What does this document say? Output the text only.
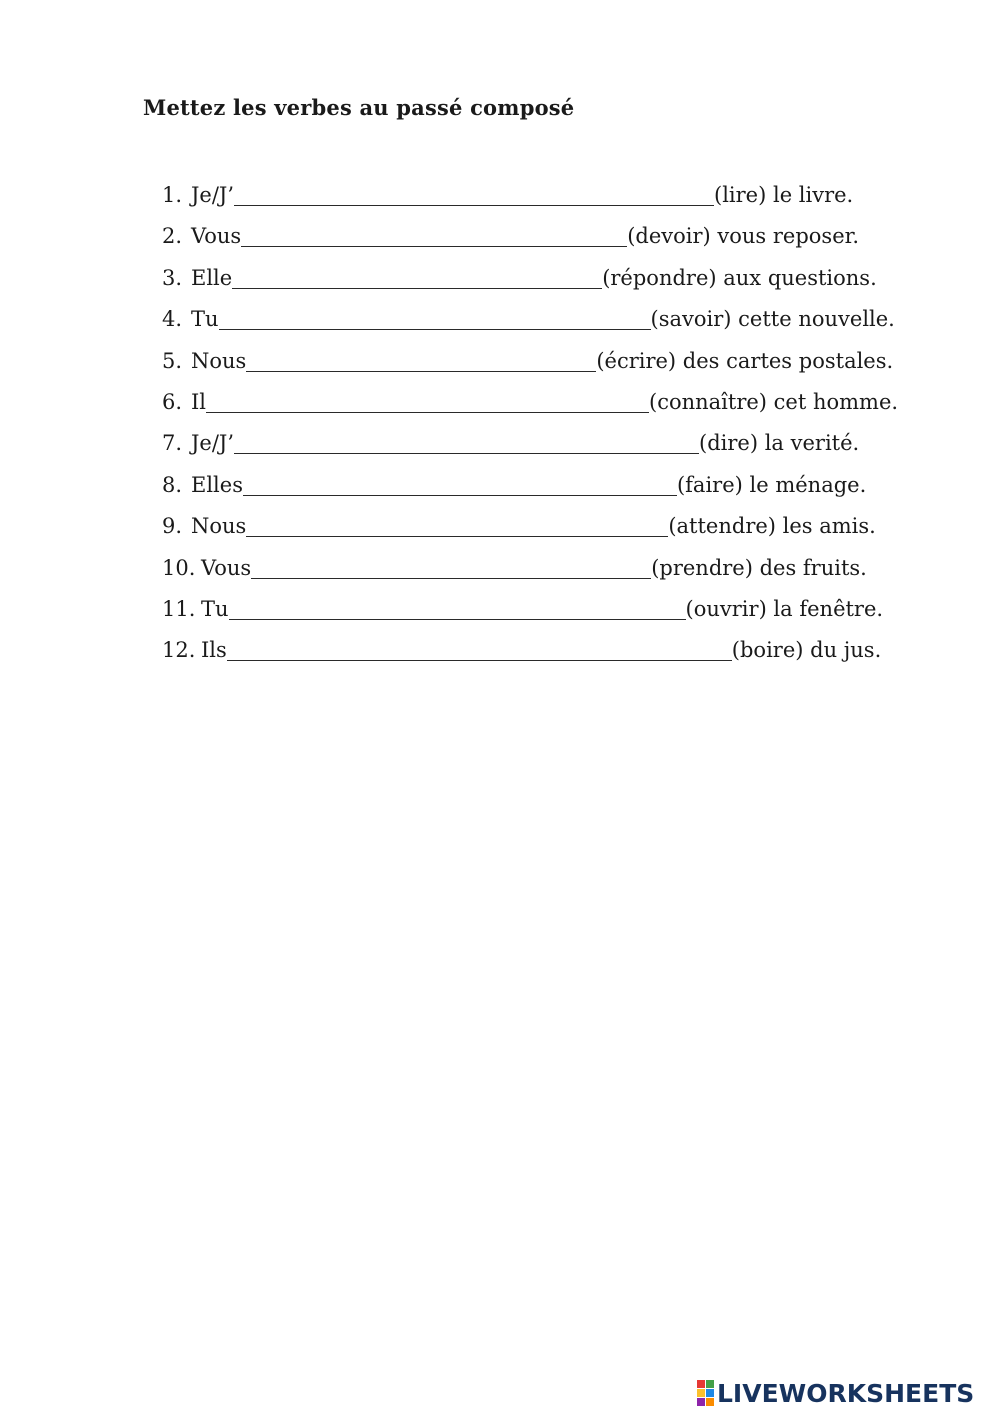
Mettez les verbes au passé composé
1. Je/J’	(lire) le livre.
2. Vous	(devoir) vous reposer.
3. Elle	(répondre) aux questions.
4. Tu	(savoir) cette nouvelle.
5. Nous	(écrire) des cartes postales.
6. Il	(connaître) cet homme.
7. Je/J’	(dire) la verité.
8. Elles	(faire) le ménage.
9. Nous	(attendre) les amis.
10. Vous	(prendre) des fruits.
11. Tu	(ouvrir) la fenêtre.
12. Ils	(boire) du jus.
LIVEWORKSHEETS
